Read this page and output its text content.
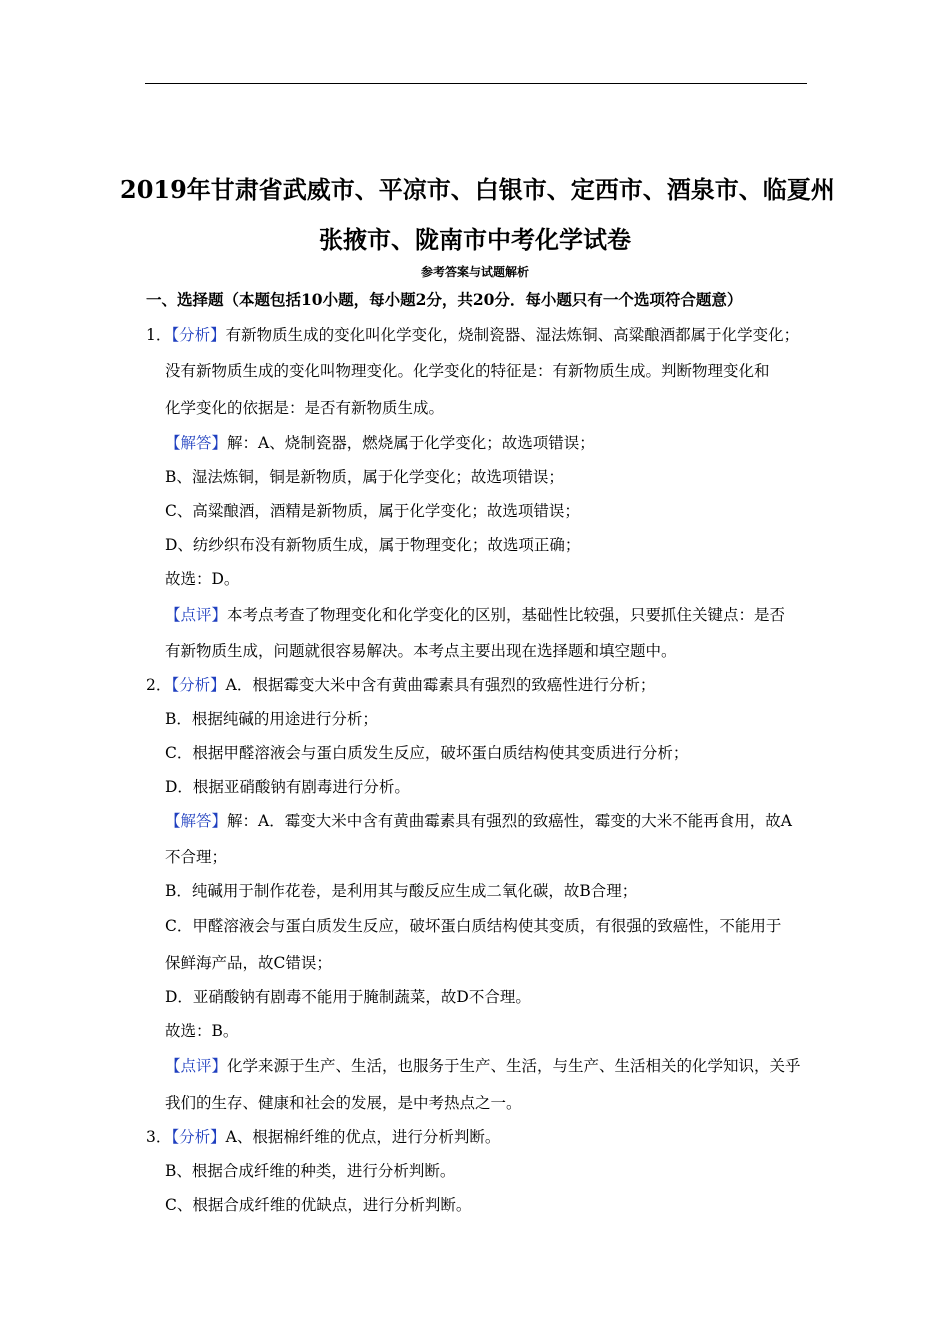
2019年甘肃省武威市、平凉市、白银市、定西市、酒泉市、临夏州
张掖市、陇南市中考化学试卷
参考答案与试题解析
一、选择题（本题包括10小题，每小题2分，共20分．每小题只有一个选项符合题意）
1．【分析】有新物质生成的变化叫化学变化，烧制瓷器、湿法炼铜、高粱酿酒都属于化学变化；
没有新物质生成的变化叫物理变化。化学变化的特征是：有新物质生成。判断物理变化和
化学变化的依据是：是否有新物质生成。
【解答】解：A、烧制瓷器，燃烧属于化学变化；故选项错误；
B、湿法炼铜，铜是新物质，属于化学变化；故选项错误；
C、高粱酿酒，酒精是新物质，属于化学变化；故选项错误；
D、纺纱织布没有新物质生成，属于物理变化；故选项正确；
故选：D。
【点评】本考点考查了物理变化和化学变化的区别，基础性比较强，只要抓住关键点：是否
有新物质生成，问题就很容易解决。本考点主要出现在选择题和填空题中。
2．【分析】A．根据霉变大米中含有黄曲霉素具有强烈的致癌性进行分析；
B．根据纯碱的用途进行分析；
C．根据甲醛溶液会与蛋白质发生反应，破坏蛋白质结构使其变质进行分析；
D．根据亚硝酸钠有剧毒进行分析。
【解答】解：A．霉变大米中含有黄曲霉素具有强烈的致癌性，霉变的大米不能再食用，故A
不合理；
B．纯碱用于制作花卷，是利用其与酸反应生成二氧化碳，故B合理；
C．甲醛溶液会与蛋白质发生反应，破坏蛋白质结构使其变质，有很强的致癌性，不能用于
保鲜海产品，故C错误；
D．亚硝酸钠有剧毒不能用于腌制蔬菜，故D不合理。
故选：B。
【点评】化学来源于生产、生活，也服务于生产、生活，与生产、生活相关的化学知识，关乎
我们的生存、健康和社会的发展，是中考热点之一。
3．【分析】A、根据棉纤维的优点，进行分析判断。
B、根据合成纤维的种类，进行分析判断。
C、根据合成纤维的优缺点，进行分析判断。
